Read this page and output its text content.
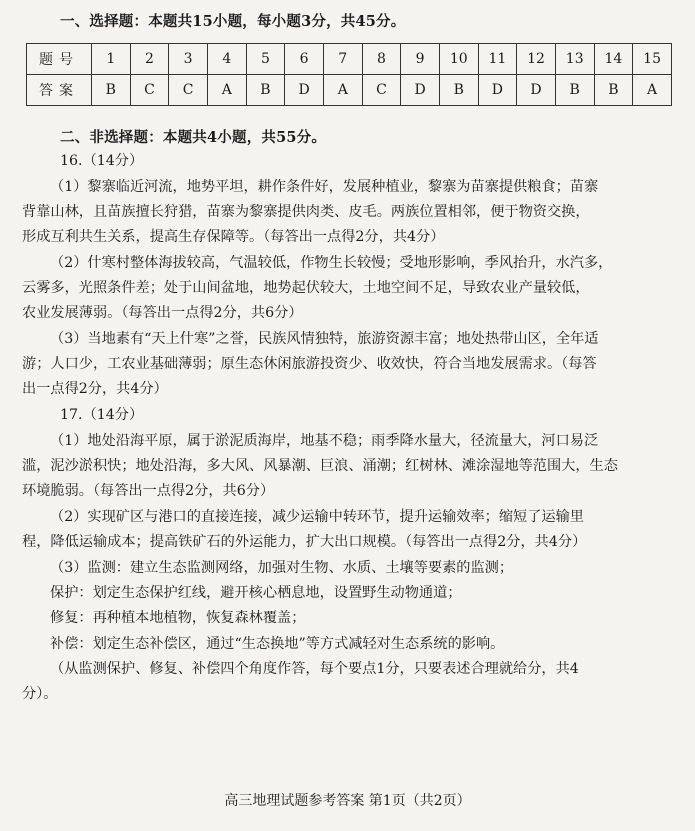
一、选择题：本题共15小题，每小题3分，共45分。
题号	1	2	3	4	5	6	7	8	9	10	11	12	13	14	15
答案	B	C	C	A	B	D	A	C	D	B	D	D	B	B	A
二、非选择题：本题共4小题，共55分。
16.（14分）
（1）黎寨临近河流，地势平坦，耕作条件好，发展种植业，黎寨为苗寨提供粮食；苗寨
背靠山林，且苗族擅长狩猎，苗寨为黎寨提供肉类、皮毛。两族位置相邻，便于物资交换，
形成互利共生关系，提高生存保障等。（每答出一点得2分，共4分）
（2）什寒村整体海拔较高，气温较低，作物生长较慢；受地形影响，季风抬升，水汽多，
云雾多，光照条件差；处于山间盆地，地势起伏较大，土地空间不足，导致农业产量较低，
农业发展薄弱。（每答出一点得2分，共6分）
（3）当地素有“天上什寒”之誉，民族风情独特，旅游资源丰富；地处热带山区，全年适
游；人口少，工农业基础薄弱；原生态休闲旅游投资少、收效快，符合当地发展需求。（每答
出一点得2分，共4分）
17.（14分）
（1）地处沿海平原，属于淤泥质海岸，地基不稳；雨季降水量大，径流量大，河口易泛
滥，泥沙淤积快；地处沿海，多大风、风暴潮、巨浪、涌潮；红树林、滩涂湿地等范围大，生态
环境脆弱。（每答出一点得2分，共6分）
（2）实现矿区与港口的直接连接，减少运输中转环节，提升运输效率；缩短了运输里
程，降低运输成本；提高铁矿石的外运能力，扩大出口规模。（每答出一点得2分，共4分）
（3）监测：建立生态监测网络，加强对生物、水质、土壤等要素的监测；
保护：划定生态保护红线，避开核心栖息地，设置野生动物通道；
修复：再种植本地植物，恢复森林覆盖；
补偿：划定生态补偿区，通过“生态换地”等方式减轻对生态系统的影响。
（从监测保护、修复、补偿四个角度作答，每个要点1分，只要表述合理就给分，共4
分）。
高三地理试题参考答案 第1页（共2页）
